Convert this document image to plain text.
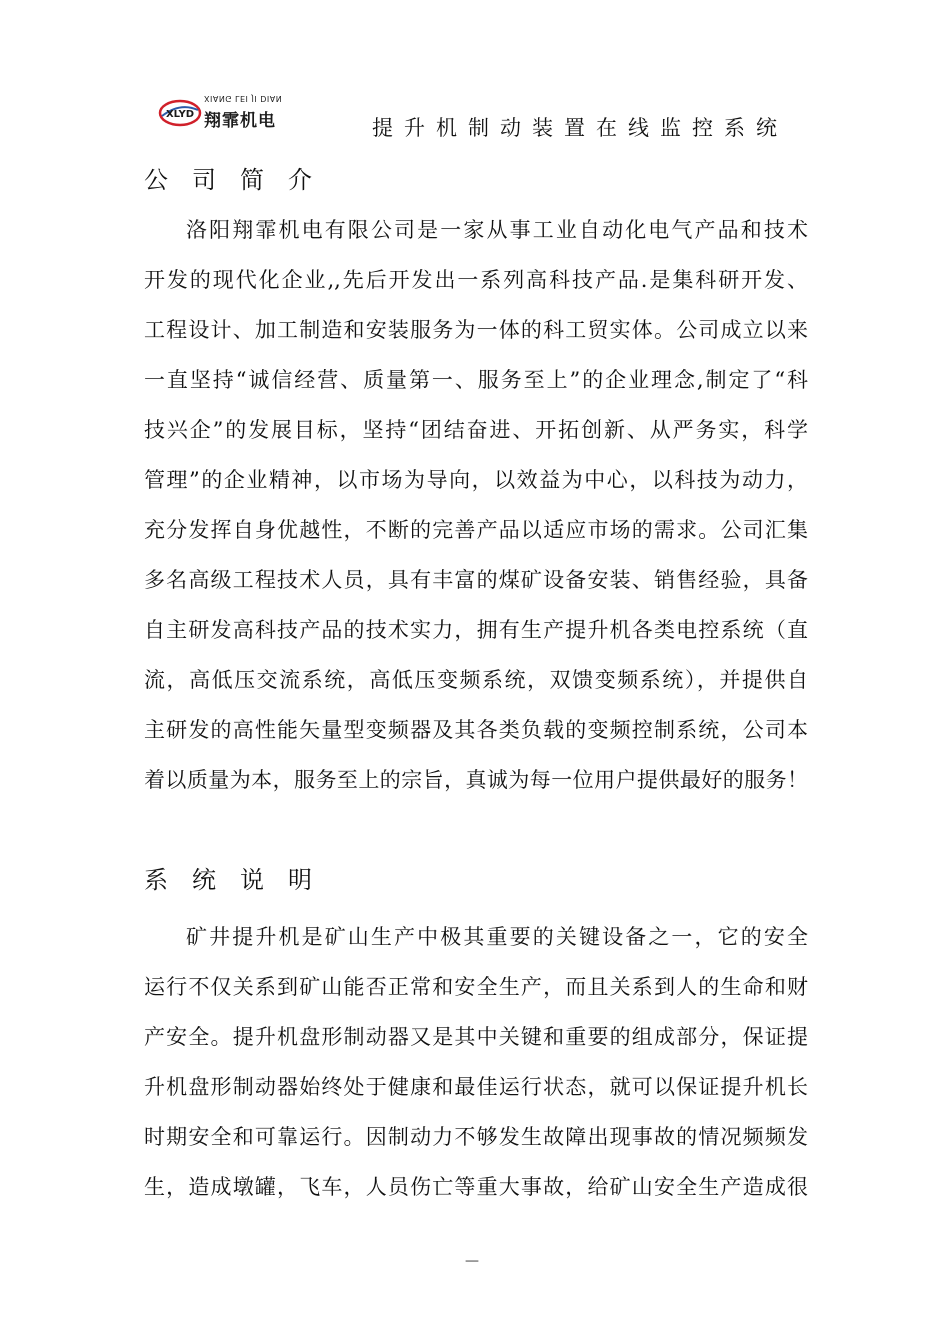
XLYD
XIANG LEI JI DIAN
翔霏机电	提升机制动装置在线监控系统
公司简介
洛阳翔霏机电有限公司是一家从事工业自动化电气产品和技术
开发的现代化企业,,先后开发出一系列高科技产品.是集科研开发、
工程设计、加工制造和安装服务为一体的科工贸实体。公司成立以来
一直坚持“诚信经营、质量第一、服务至上”的企业理念,制定了“科
技兴企”的发展目标，坚持“团结奋进、开拓创新、从严务实，科学
管理”的企业精神，以市场为导向，以效益为中心，以科技为动力，
充分发挥自身优越性，不断的完善产品以适应市场的需求。公司汇集
多名高级工程技术人员，具有丰富的煤矿设备安装、销售经验，具备
自主研发高科技产品的技术实力，拥有生产提升机各类电控系统（直
流，高低压交流系统，高低压变频系统，双馈变频系统），并提供自
主研发的高性能矢量型变频器及其各类负载的变频控制系统，公司本
着以质量为本，服务至上的宗旨，真诚为每一位用户提供最好的服务！
系统说明
矿井提升机是矿山生产中极其重要的关键设备之一，它的安全
运行不仅关系到矿山能否正常和安全生产，而且关系到人的生命和财
产安全。提升机盘形制动器又是其中关键和重要的组成部分，保证提
升机盘形制动器始终处于健康和最佳运行状态，就可以保证提升机长
时期安全和可靠运行。因制动力不够发生故障出现事故的情况频频发
生，造成墩罐，飞车，人员伤亡等重大事故，给矿山安全生产造成很
—
